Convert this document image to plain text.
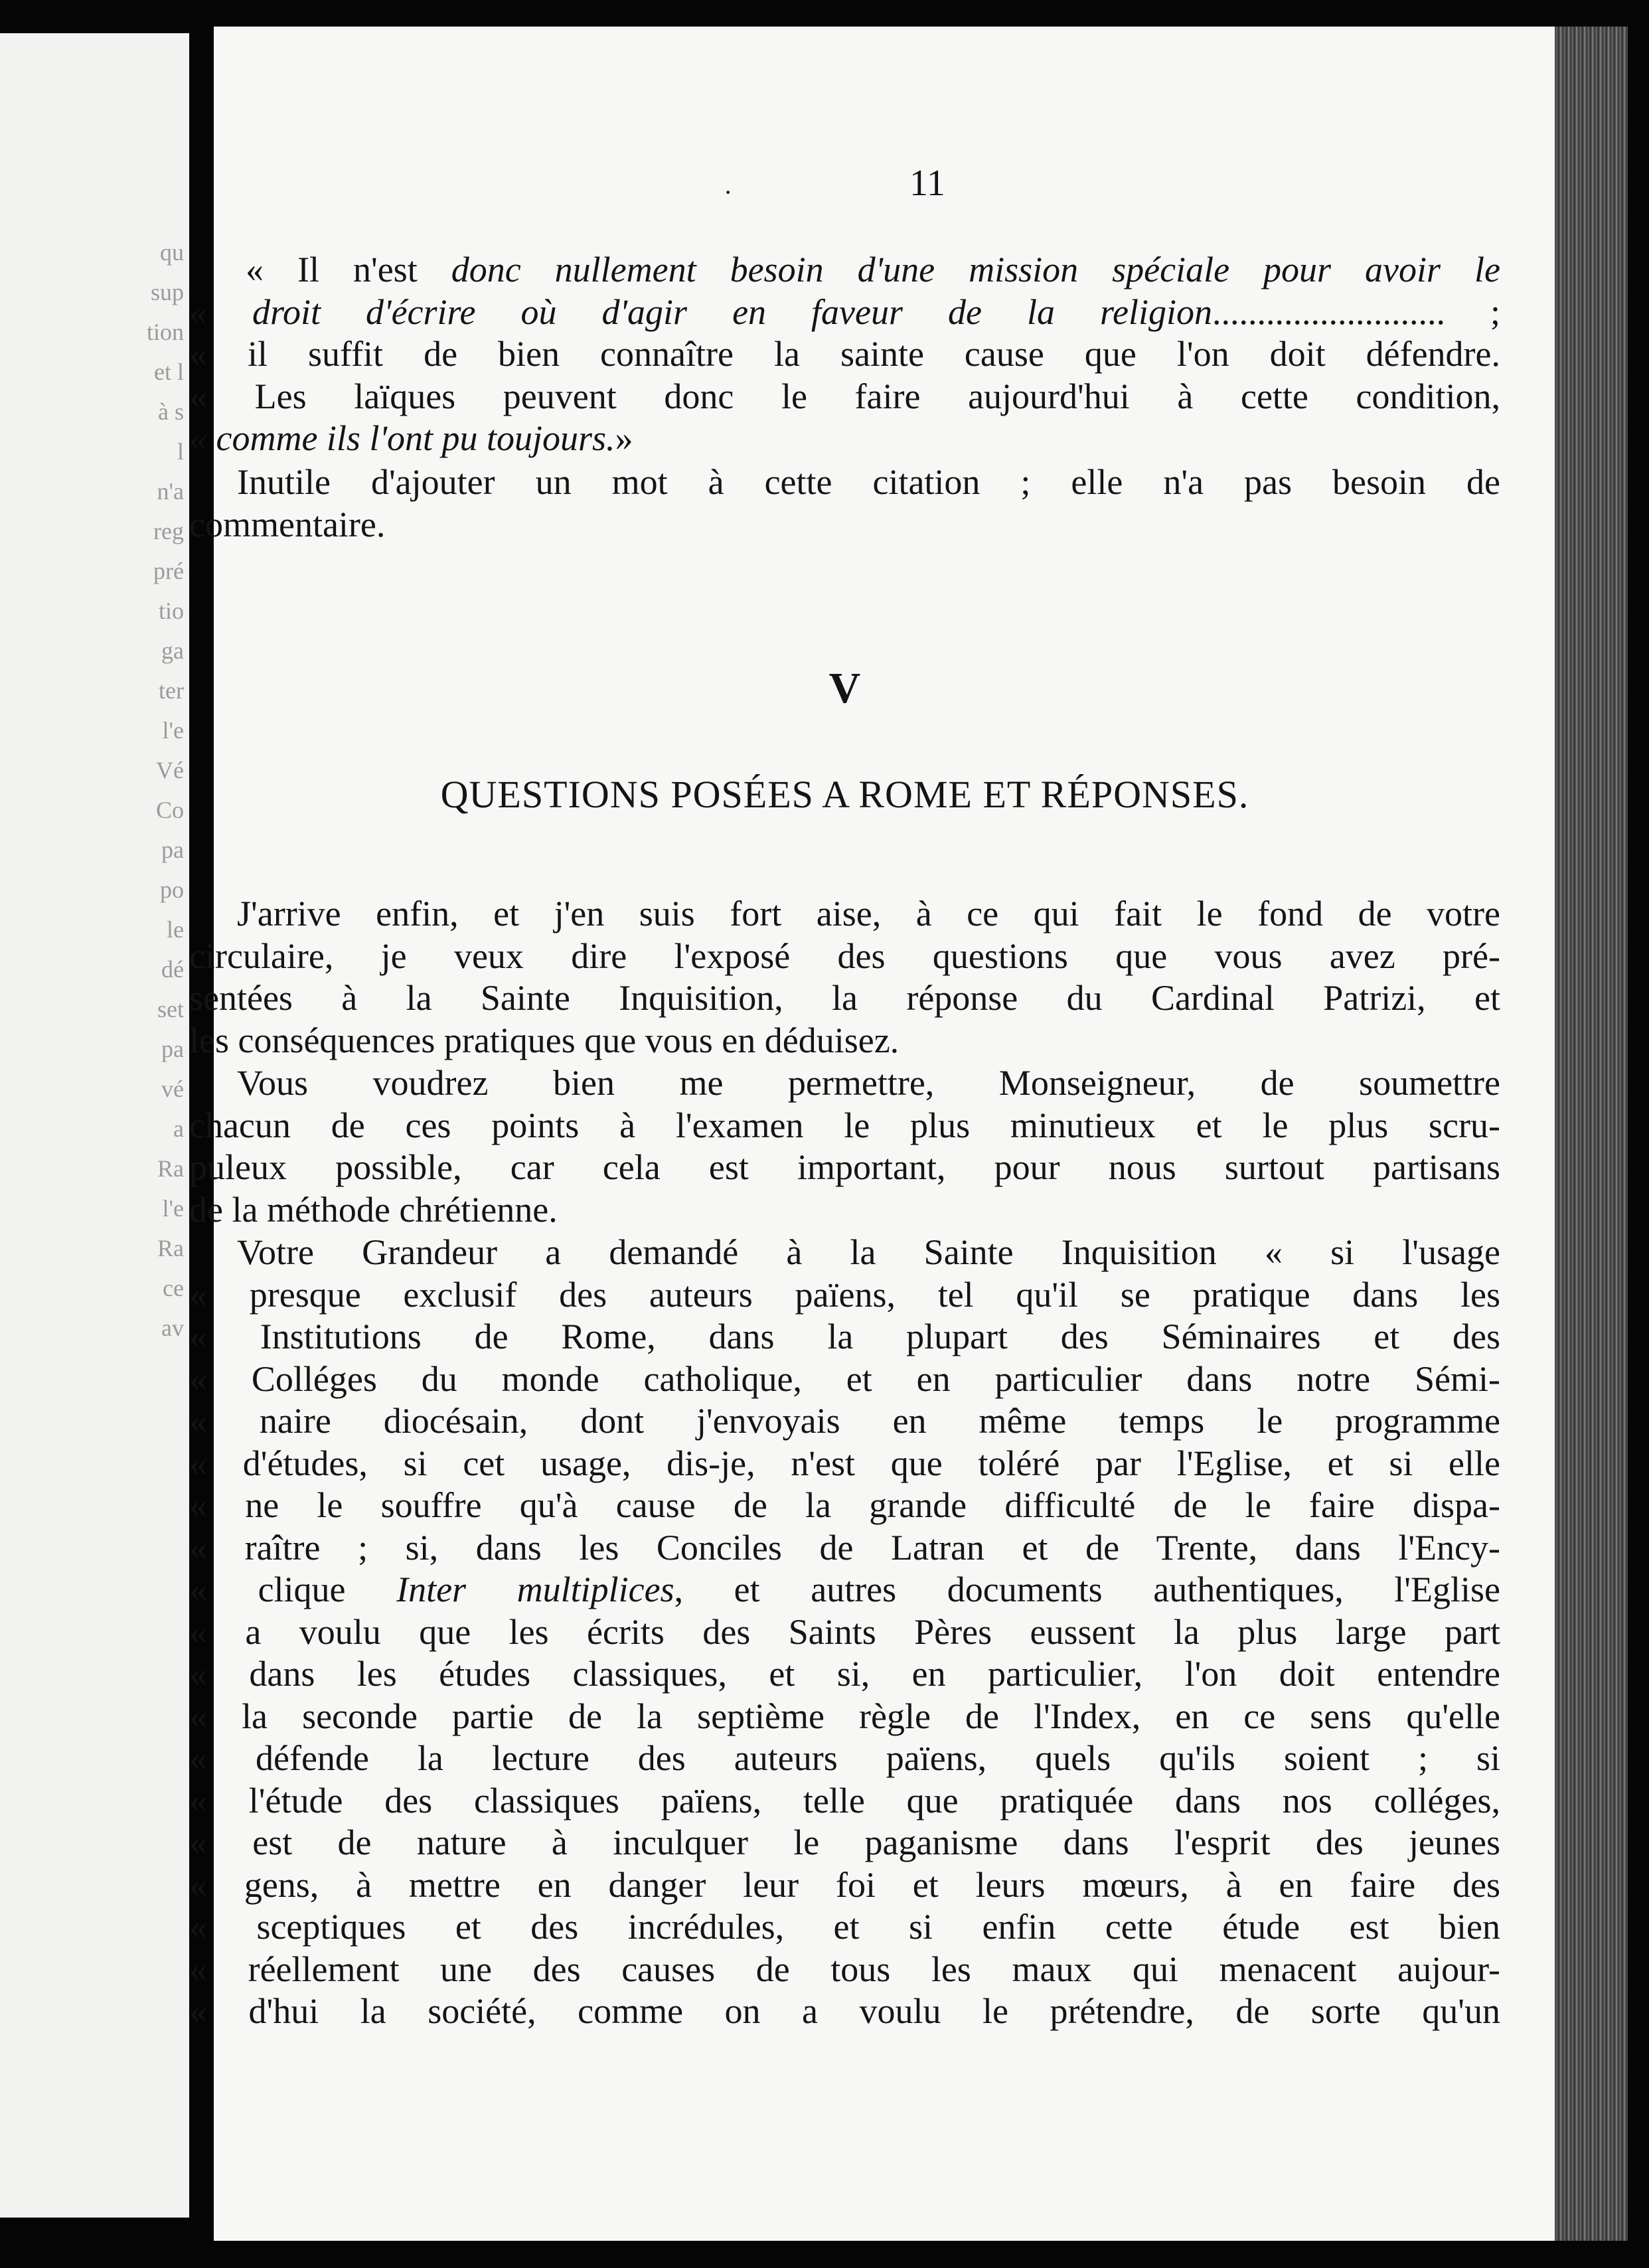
qu
sup
tion
et l
à s
l
n'a
reg
pré
tio
ga
ter
l'e
Vé
Co
pa
po
le
dé
set
pa
vé
a
Ra
l'e
Ra
ce
av
·	11
« Il n'est donc nullement besoin d'une mission spéciale pour avoir le
« droit d'écrire où d'agir en faveur de la religion.......................... ;
« il suffit de bien connaître la sainte cause que l'on doit défendre.
« Les laïques peuvent donc le faire aujourd'hui à cette condition,
« comme ils l'ont pu toujours.»
Inutile d'ajouter un mot à cette citation ; elle n'a pas besoin de
commentaire.
V
QUESTIONS POSÉES A ROME ET RÉPONSES.
J'arrive enfin, et j'en suis fort aise, à ce qui fait le fond de votre
circulaire, je veux dire l'exposé des questions que vous avez pré-
sentées à la Sainte Inquisition, la réponse du Cardinal Patrizi, et
les conséquences pratiques que vous en déduisez.
Vous voudrez bien me permettre, Monseigneur, de soumettre
chacun de ces points à l'examen le plus minutieux et le plus scru-
puleux possible, car cela est important, pour nous surtout partisans
de la méthode chrétienne.
Votre Grandeur a demandé à la Sainte Inquisition « si l'usage
« presque exclusif des auteurs païens, tel qu'il se pratique dans les
« Institutions de Rome, dans la plupart des Séminaires et des
« Colléges du monde catholique, et en particulier dans notre Sémi-
« naire diocésain, dont j'envoyais en même temps le programme
« d'études, si cet usage, dis-je, n'est que toléré par l'Eglise, et si elle
« ne le souffre qu'à cause de la grande difficulté de le faire dispa-
« raître ; si, dans les Conciles de Latran et de Trente, dans l'Ency-
« clique Inter multiplices, et autres documents authentiques, l'Eglise
« a voulu que les écrits des Saints Pères eussent la plus large part
« dans les études classiques, et si, en particulier, l'on doit entendre
« la seconde partie de la septième règle de l'Index, en ce sens qu'elle
« défende la lecture des auteurs païens, quels qu'ils soient ; si
« l'étude des classiques païens, telle que pratiquée dans nos colléges,
« est de nature à inculquer le paganisme dans l'esprit des jeunes
« gens, à mettre en danger leur foi et leurs mœurs, à en faire des
« sceptiques et des incrédules, et si enfin cette étude est bien
« réellement une des causes de tous les maux qui menacent aujour-
« d'hui la société, comme on a voulu le prétendre, de sorte qu'un
